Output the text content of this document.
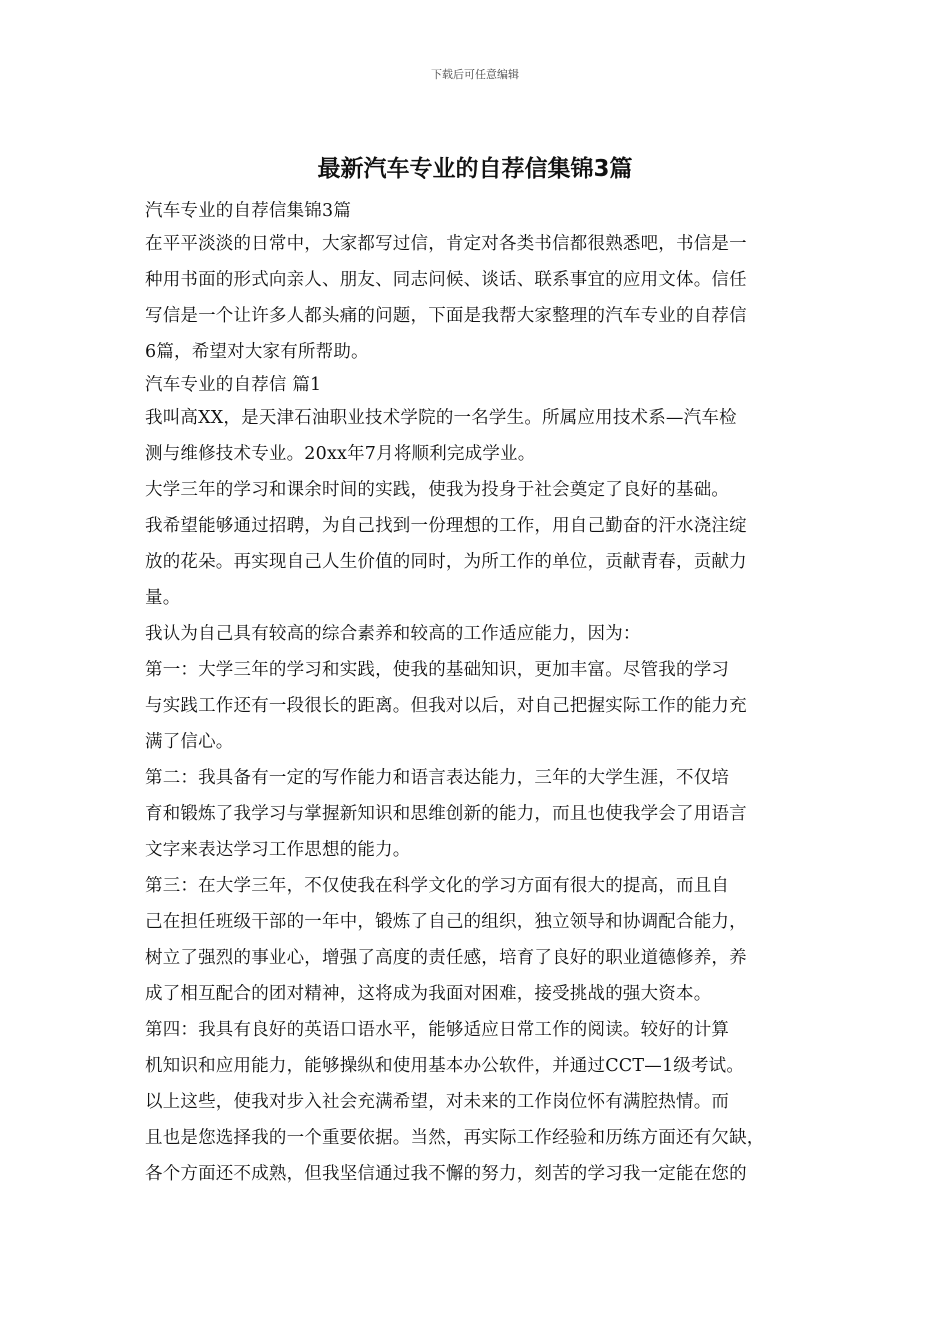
下载后可任意编辑
最新汽车专业的自荐信集锦3篇
汽车专业的自荐信集锦3篇
在平平淡淡的日常中，大家都写过信，肯定对各类书信都很熟悉吧，书信是一
种用书面的形式向亲人、朋友、同志问候、谈话、联系事宜的应用文体。信任
写信是一个让许多人都头痛的问题，下面是我帮大家整理的汽车专业的自荐信
6篇，希望对大家有所帮助。
汽车专业的自荐信 篇1
我叫高XX，是天津石油职业技术学院的一名学生。所属应用技术系—汽车检
测与维修技术专业。20xx年7月将顺利完成学业。
大学三年的学习和课余时间的实践，使我为投身于社会奠定了良好的基础。
我希望能够通过招聘，为自己找到一份理想的工作，用自己勤奋的汗水浇注绽
放的花朵。再实现自己人生价值的同时，为所工作的单位，贡献青春，贡献力
量。
我认为自己具有较高的综合素养和较高的工作适应能力，因为：
第一：大学三年的学习和实践，使我的基础知识，更加丰富。尽管我的学习
与实践工作还有一段很长的距离。但我对以后，对自己把握实际工作的能力充
满了信心。
第二：我具备有一定的写作能力和语言表达能力，三年的大学生涯，不仅培
育和锻炼了我学习与掌握新知识和思维创新的能力，而且也使我学会了用语言
文字来表达学习工作思想的能力。
第三：在大学三年，不仅使我在科学文化的学习方面有很大的提高，而且自
己在担任班级干部的一年中，锻炼了自己的组织，独立领导和协调配合能力，
树立了强烈的事业心，增强了高度的责任感，培育了良好的职业道德修养，养
成了相互配合的团对精神，这将成为我面对困难，接受挑战的强大资本。
第四：我具有良好的英语口语水平，能够适应日常工作的阅读。较好的计算
机知识和应用能力，能够操纵和使用基本办公软件，并通过CCT—1级考试。
以上这些，使我对步入社会充满希望，对未来的工作岗位怀有满腔热情。而
且也是您选择我的一个重要依据。当然，再实际工作经验和历练方面还有欠缺，
各个方面还不成熟，但我坚信通过我不懈的努力，刻苦的学习我一定能在您的
